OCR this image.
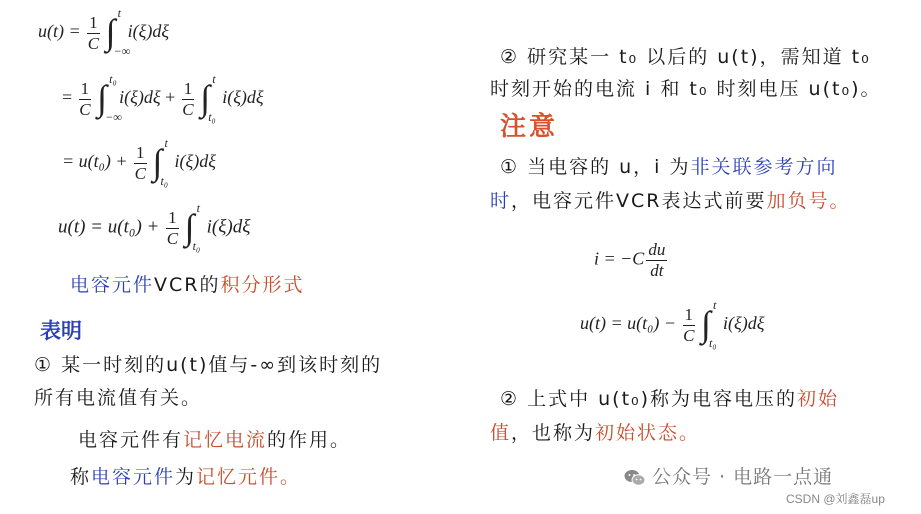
$u(t) = \frac{1}{C}$ ∫ t
−∞
i(ξ)dξ
= $\frac{1}{C}$ ∫ t₀
−∞
$i(\xi)d\xi + \frac{1}{C}$ ∫ t
t₀
i(ξ)dξ
= $u(t_0) + \frac{1}{C}$ ∫ t
t₀
i(ξ)dξ
$u(t) = u(t_0) + \frac{1}{C}$ ∫ t
t₀
i(ξ)dξ
电容元件VCR的积分形式
表明
① 某一时刻的u(t)值与-∞到该时刻的
所有电流值有关。
电容元件有记忆电流的作用。
称电容元件为记忆元件。
② 研究某一 t₀ 以后的 u(t)，需知道 t₀
时刻开始的电流 i 和 t₀ 时刻电压 u(t₀)。
注意
① 当电容的 u，i 为非关联参考方向
时，电容元件VCR表达式前要加负号。
$i = -C \frac{du}{dt}$
$u(t) = u(t_0) - \frac{1}{C}$ ∫ t
t₀
i(ξ)dξ
② 上式中 u(t₀)称为电容电压的初始
值，也称为初始状态。
公众号 · 电路一点通
CSDN @刘鑫磊up
